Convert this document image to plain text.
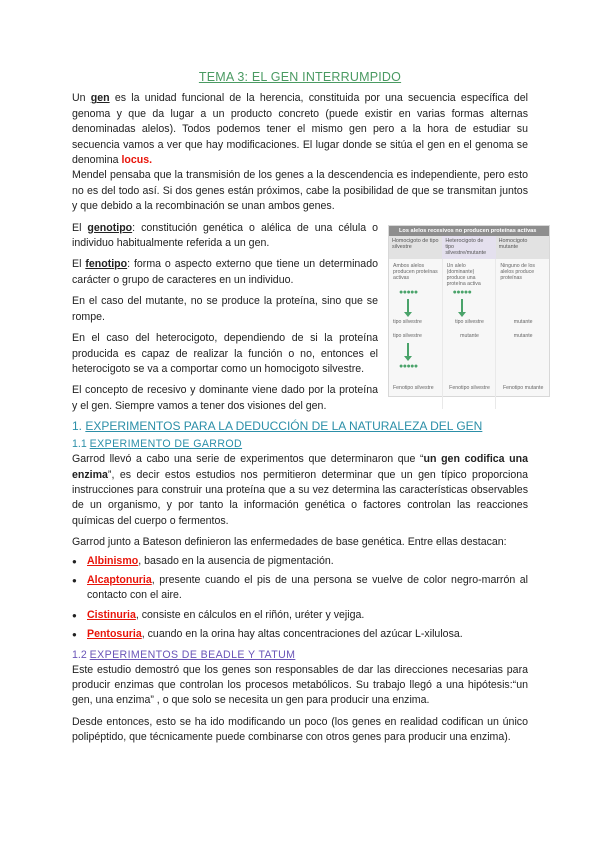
TEMA 3: EL GEN INTERRUMPIDO

Un gen es la unidad funcional de la herencia, constituida por una secuencia específica del genoma y que da lugar a un producto concreto (puede existir en varias formas alternas denominadas alelos). Todos podemos tener el mismo gen pero a la hora de estudiar su secuencia vamos a ver que hay modificaciones. El lugar donde se sitúa el gen en el genoma se denomina locus.

Mendel pensaba que la transmisión de los genes a la descendencia es independiente, pero esto no es del todo así. Si dos genes están próximos, cabe la posibilidad de que se transmitan juntos y que debido a la recombinación se unan ambos genes.

El genotipo: constitución genética o alélica de una célula o individuo habitualmente referida a un gen.

El fenotipo: forma o aspecto externo que tiene un determinado carácter o grupo de caracteres en un individuo.

En el caso del mutante, no se produce la proteína, sino que se rompe.

En el caso del heterocigoto, dependiendo de si la proteína producida es capaz de realizar la función o no, entonces el heterocigoto se va a comportar como un homocigoto silvestre.

El concepto de recesivo y dominante viene dado por la proteína y el gen. Siempre vamos a tener dos visiones del gen.

Los alelos recesivos no producen proteínas activas
Homocigoto de tipo silvestre
Heterocigoto de tipo silvestre/mutante
Homocigoto mutante
Ambos alelos producen proteínas activas
●●●●●
tipo silvestre
tipo silvestre
●●●●●
Fenotipo silvestre
Un alelo (dominante) produce una proteína activa
●●●●●
tipo silvestre
mutante
Fenotipo silvestre
Ninguno de los alelos produce proteínas
mutante
mutante
Fenotipo mutante
1. EXPERIMENTOS PARA LA DEDUCCIÓN DE LA NATURALEZA DEL GEN
1.1 EXPERIMENTO DE GARROD

Garrod llevó a cabo una serie de experimentos que determinaron que “un gen codifica una enzima”, es decir estos estudios nos permitieron determinar que un gen típico proporciona instrucciones para construir una proteína que a su vez determina las características observables de un organismo, y por tanto la información genética o factores controlan las reacciones químicas del cuerpo o fermentos.

Garrod junto a Bateson definieron las enfermedades de base genética. Entre ellas destacan:

● Albinismo, basado en la ausencia de pigmentación.
● Alcaptonuria, presente cuando el pis de una persona se vuelve de color negro-marrón al contacto con el aire.
● Cistinuria, consiste en cálculos en el riñón, uréter y vejiga.
● Pentosuria, cuando en la orina hay altas concentraciones del azúcar L-xilulosa.
1.2 EXPERIMENTOS DE BEADLE Y TATUM

Este estudio demostró que los genes son responsables de dar las direcciones necesarias para producir enzimas que controlan los procesos metabólicos. Su trabajo llegó a una hipótesis:“un gen, una enzima” , o que solo se necesita un gen para producir una enzima.

Desde entonces, esto se ha ido modificando un poco (los genes en realidad codifican un único polipéptido, que técnicamente puede combinarse con otros genes para producir una enzima).
